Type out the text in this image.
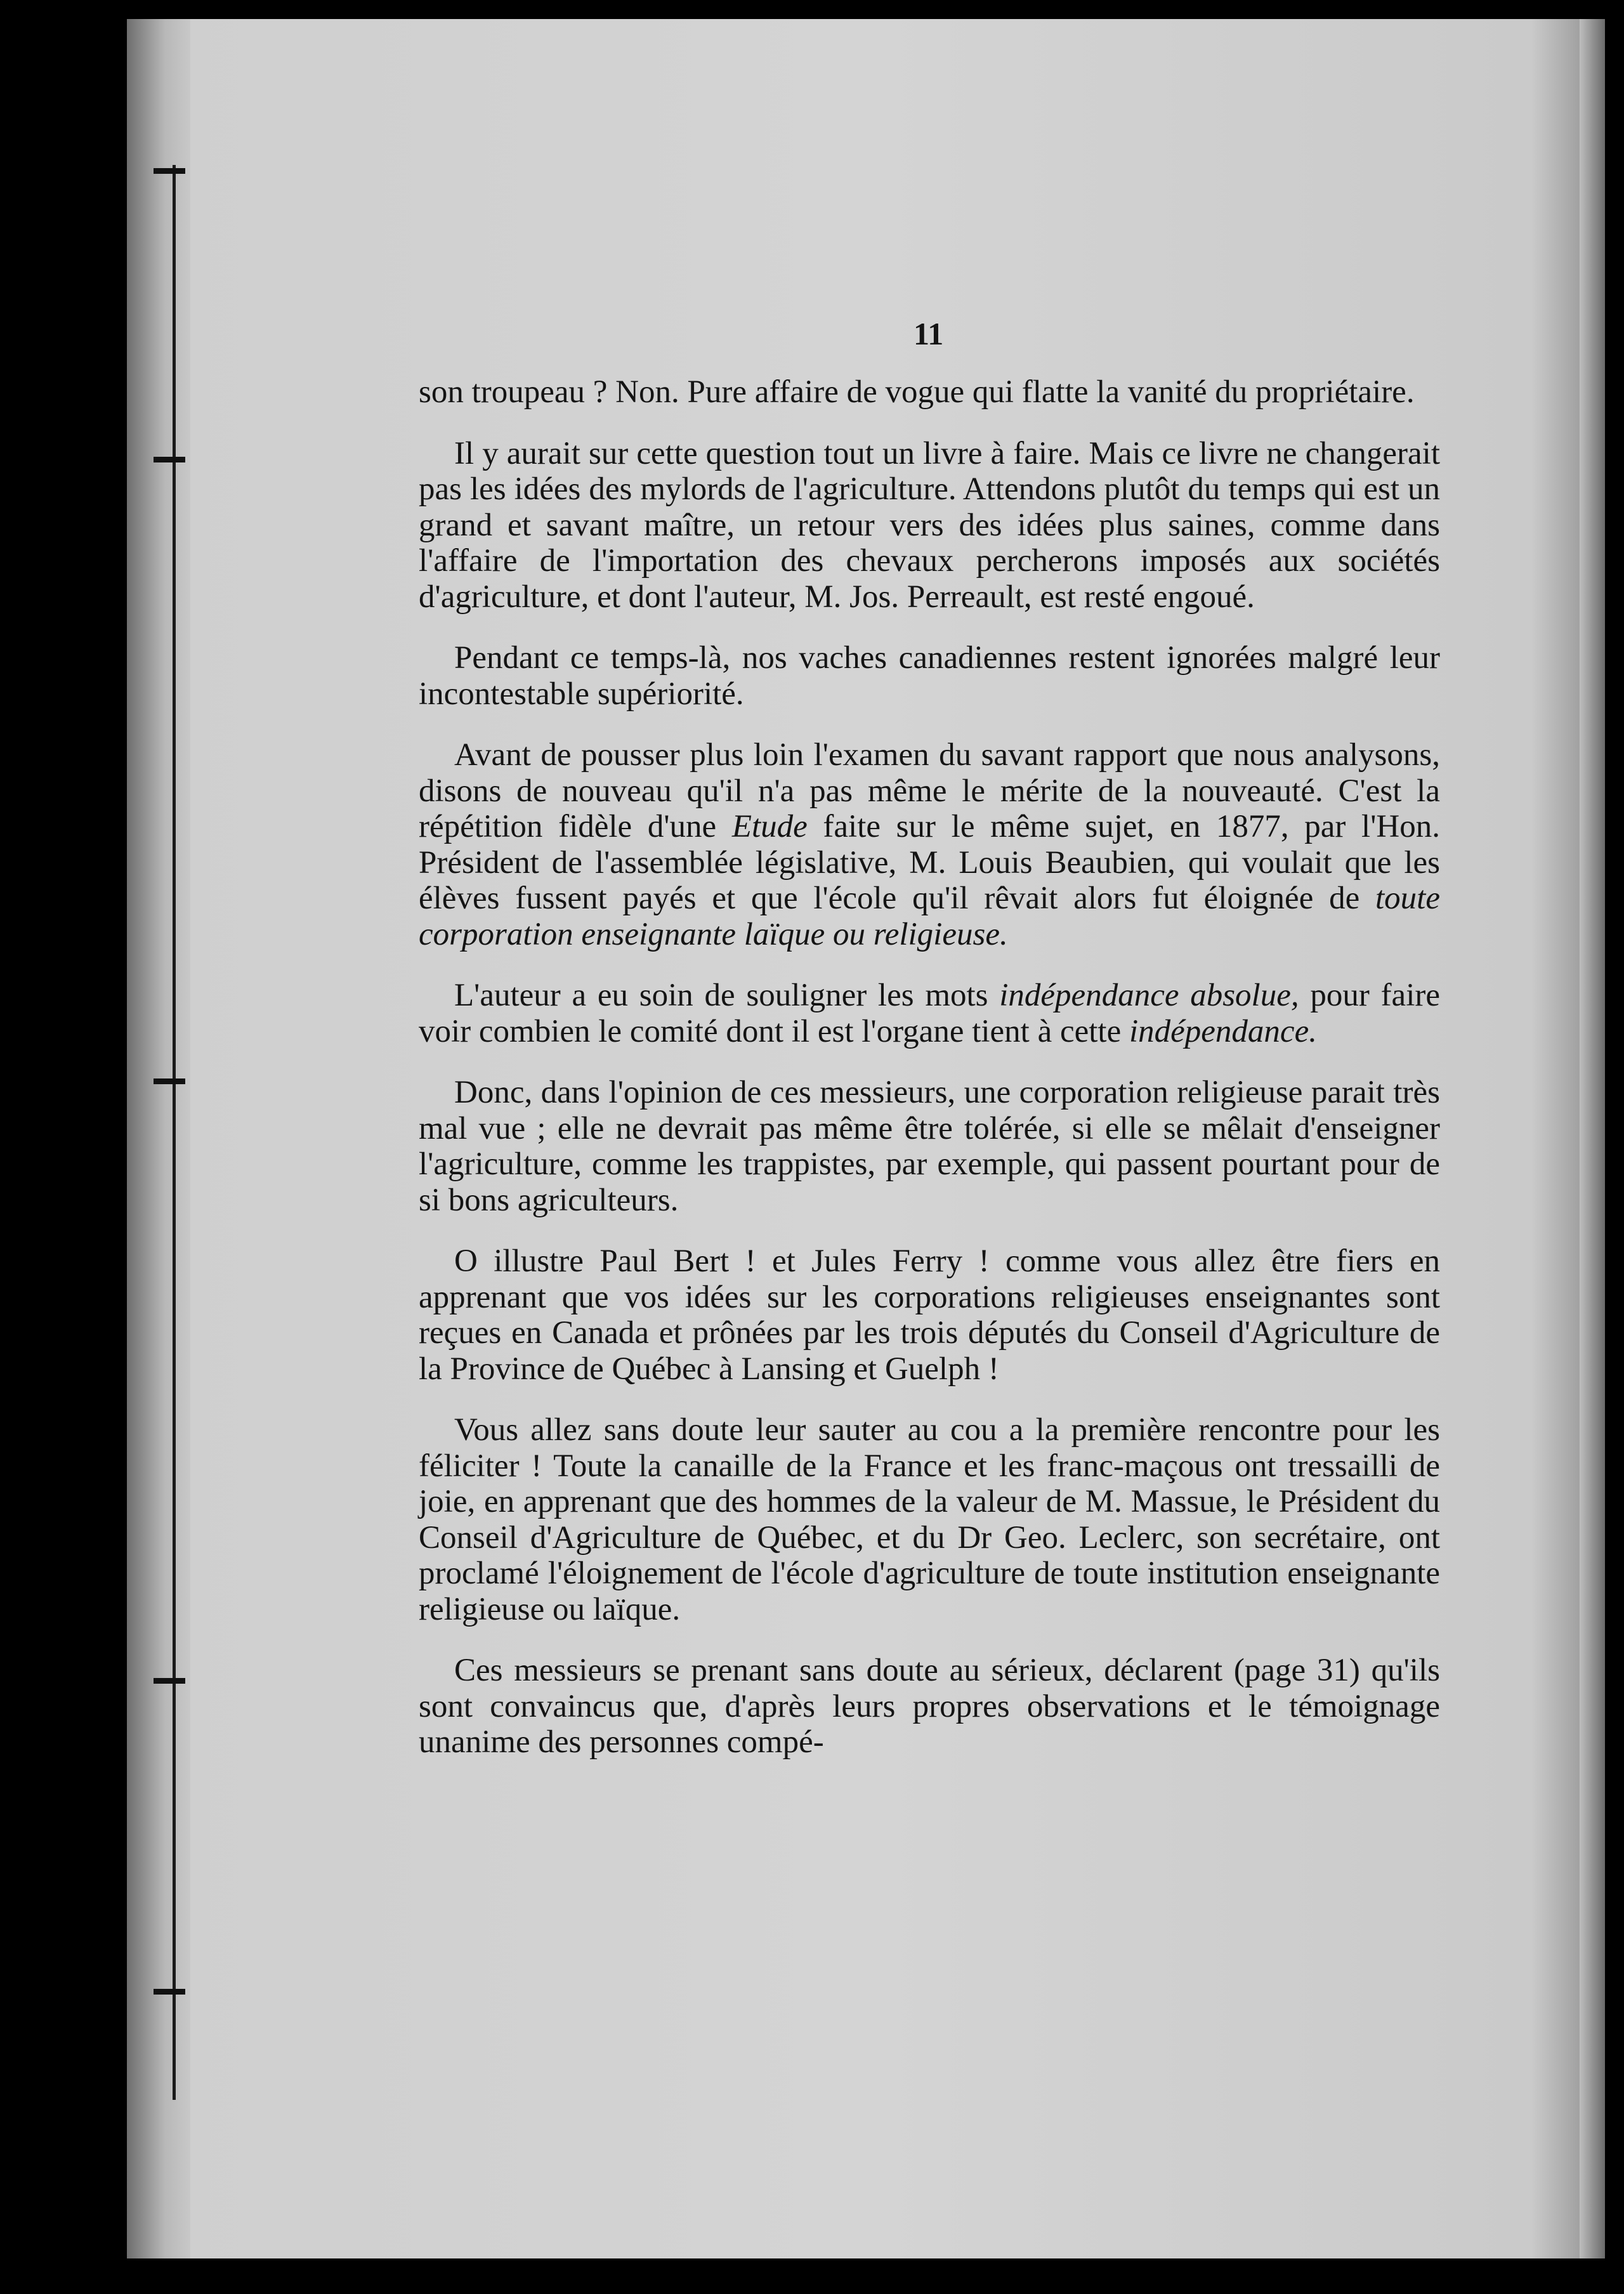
11

son troupeau ? Non. Pure affaire de vogue qui flatte la vanité du propriétaire.

Il y aurait sur cette question tout un livre à faire. Mais ce livre ne changerait pas les idées des mylords de l'agriculture. Attendons plutôt du temps qui est un grand et savant maître, un retour vers des idées plus saines, comme dans l'affaire de l'importation des chevaux percherons imposés aux sociétés d'agriculture, et dont l'auteur, M. Jos. Perreault, est resté engoué.

Pendant ce temps-là, nos vaches canadiennes restent ignorées malgré leur incontestable supériorité.

Avant de pousser plus loin l'examen du savant rapport que nous analysons, disons de nouveau qu'il n'a pas même le mérite de la nouveauté. C'est la répétition fidèle d'une Etude faite sur le même sujet, en 1877, par l'Hon. Président de l'assemblée législative, M. Louis Beaubien, qui voulait que les élèves fussent payés et que l'école qu'il rêvait alors fut éloignée de toute corporation enseignante laïque ou religieuse.

L'auteur a eu soin de souligner les mots indépendance absolue, pour faire voir combien le comité dont il est l'organe tient à cette indépendance.

Donc, dans l'opinion de ces messieurs, une corporation religieuse parait très mal vue ; elle ne devrait pas même être tolérée, si elle se mêlait d'enseigner l'agriculture, comme les trappistes, par exemple, qui passent pourtant pour de si bons agriculteurs.

O illustre Paul Bert ! et Jules Ferry ! comme vous allez être fiers en apprenant que vos idées sur les corporations religieuses enseignantes sont reçues en Canada et prônées par les trois députés du Conseil d'Agriculture de la Province de Québec à Lansing et Guelph !

Vous allez sans doute leur sauter au cou a la première rencontre pour les féliciter ! Toute la canaille de la France et les franc-maçous ont tressailli de joie, en apprenant que des hommes de la valeur de M. Massue, le Président du Conseil d'Agriculture de Québec, et du Dr Geo. Leclerc, son secrétaire, ont proclamé l'éloignement de l'école d'agriculture de toute institution enseignante religieuse ou laïque.

Ces messieurs se prenant sans doute au sérieux, déclarent (page 31) qu'ils sont convaincus que, d'après leurs propres observations et le témoignage unanime des personnes compé-
